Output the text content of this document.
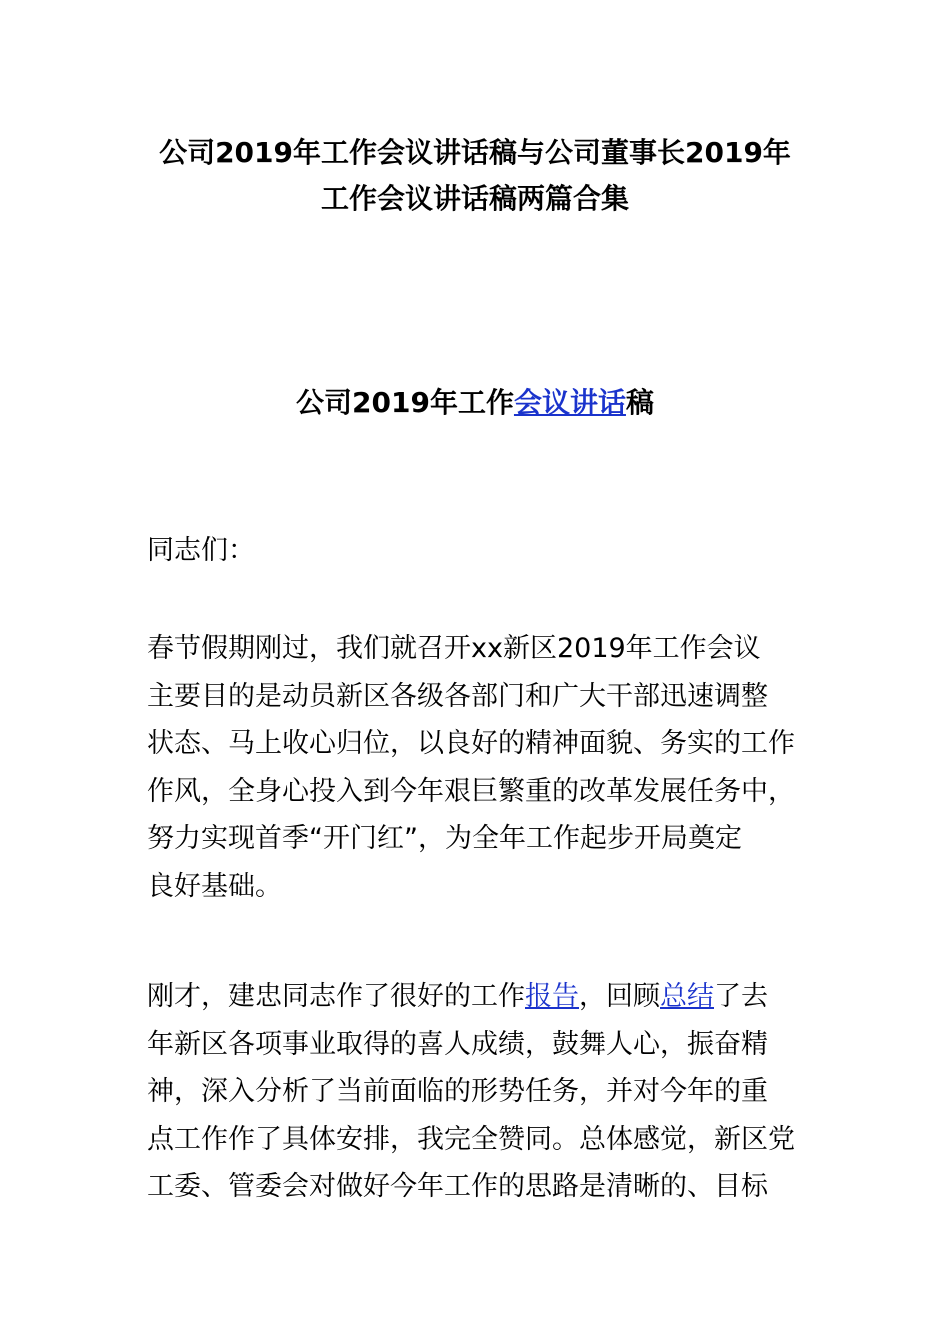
公司2019年工作会议讲话稿与公司董事长2019年
工作会议讲话稿两篇合集
公司2019年工作会议讲话稿
同志们：
春节假期刚过，我们就召开xx新区2019年工作会议
主要目的是动员新区各级各部门和广大干部迅速调整
状态、马上收心归位，以良好的精神面貌、务实的工作
作风，全身心投入到今年艰巨繁重的改革发展任务中，
努力实现首季“开门红”，为全年工作起步开局奠定
良好基础。
刚才，建忠同志作了很好的工作报告，回顾总结了去
年新区各项事业取得的喜人成绩，鼓舞人心，振奋精
神，深入分析了当前面临的形势任务，并对今年的重
点工作作了具体安排，我完全赞同。总体感觉，新区党
工委、管委会对做好今年工作的思路是清晰的、目标
